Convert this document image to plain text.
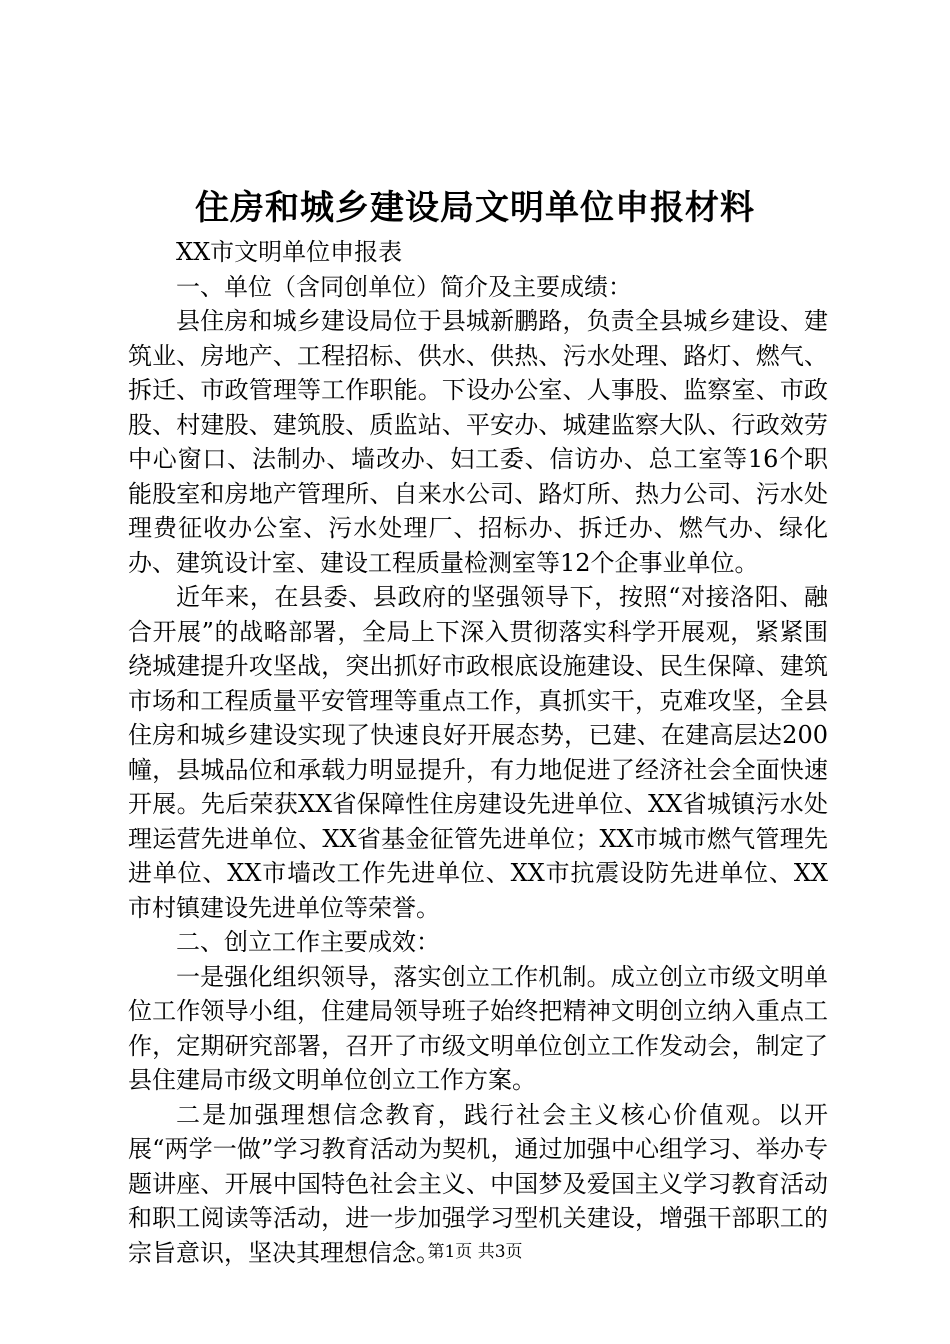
住房和城乡建设局文明单位申报材料

XX市文明单位申报表

一、单位（含同创单位）简介及主要成绩：

县住房和城乡建设局位于县城新鹏路，负责全县城乡建设、建筑业、房地产、工程招标、供水、供热、污水处理、路灯、燃气、拆迁、市政管理等工作职能。下设办公室、人事股、监察室、市政股、村建股、建筑股、质监站、平安办、城建监察大队、行政效劳中心窗口、法制办、墙改办、妇工委、信访办、总工室等16个职能股室和房地产管理所、自来水公司、路灯所、热力公司、污水处理费征收办公室、污水处理厂、招标办、拆迁办、燃气办、绿化办、建筑设计室、建设工程质量检测室等12个企事业单位。

近年来，在县委、县政府的坚强领导下，按照“对接洛阳、融合开展”的战略部署，全局上下深入贯彻落实科学开展观，紧紧围绕城建提升攻坚战，突出抓好市政根底设施建设、民生保障、建筑市场和工程质量平安管理等重点工作，真抓实干，克难攻坚，全县住房和城乡建设实现了快速良好开展态势，已建、在建高层达200幢，县城品位和承载力明显提升，有力地促进了经济社会全面快速开展。先后荣获XX省保障性住房建设先进单位、XX省城镇污水处理运营先进单位、XX省基金征管先进单位；XX市城市燃气管理先进单位、XX市墙改工作先进单位、XX市抗震设防先进单位、XX市村镇建设先进单位等荣誉。

二、创立工作主要成效：

一是强化组织领导，落实创立工作机制。成立创立市级文明单位工作领导小组，住建局领导班子始终把精神文明创立纳入重点工作，定期研究部署，召开了市级文明单位创立工作发动会，制定了县住建局市级文明单位创立工作方案。

二是加强理想信念教育，践行社会主义核心价值观。以开展“两学一做”学习教育活动为契机，通过加强中心组学习、举办专题讲座、开展中国特色社会主义、中国梦及爱国主义学习教育活动和职工阅读等活动，进一步加强学习型机关建设，增强干部职工的宗旨意识，坚决其理想信念。

第1页 共3页
